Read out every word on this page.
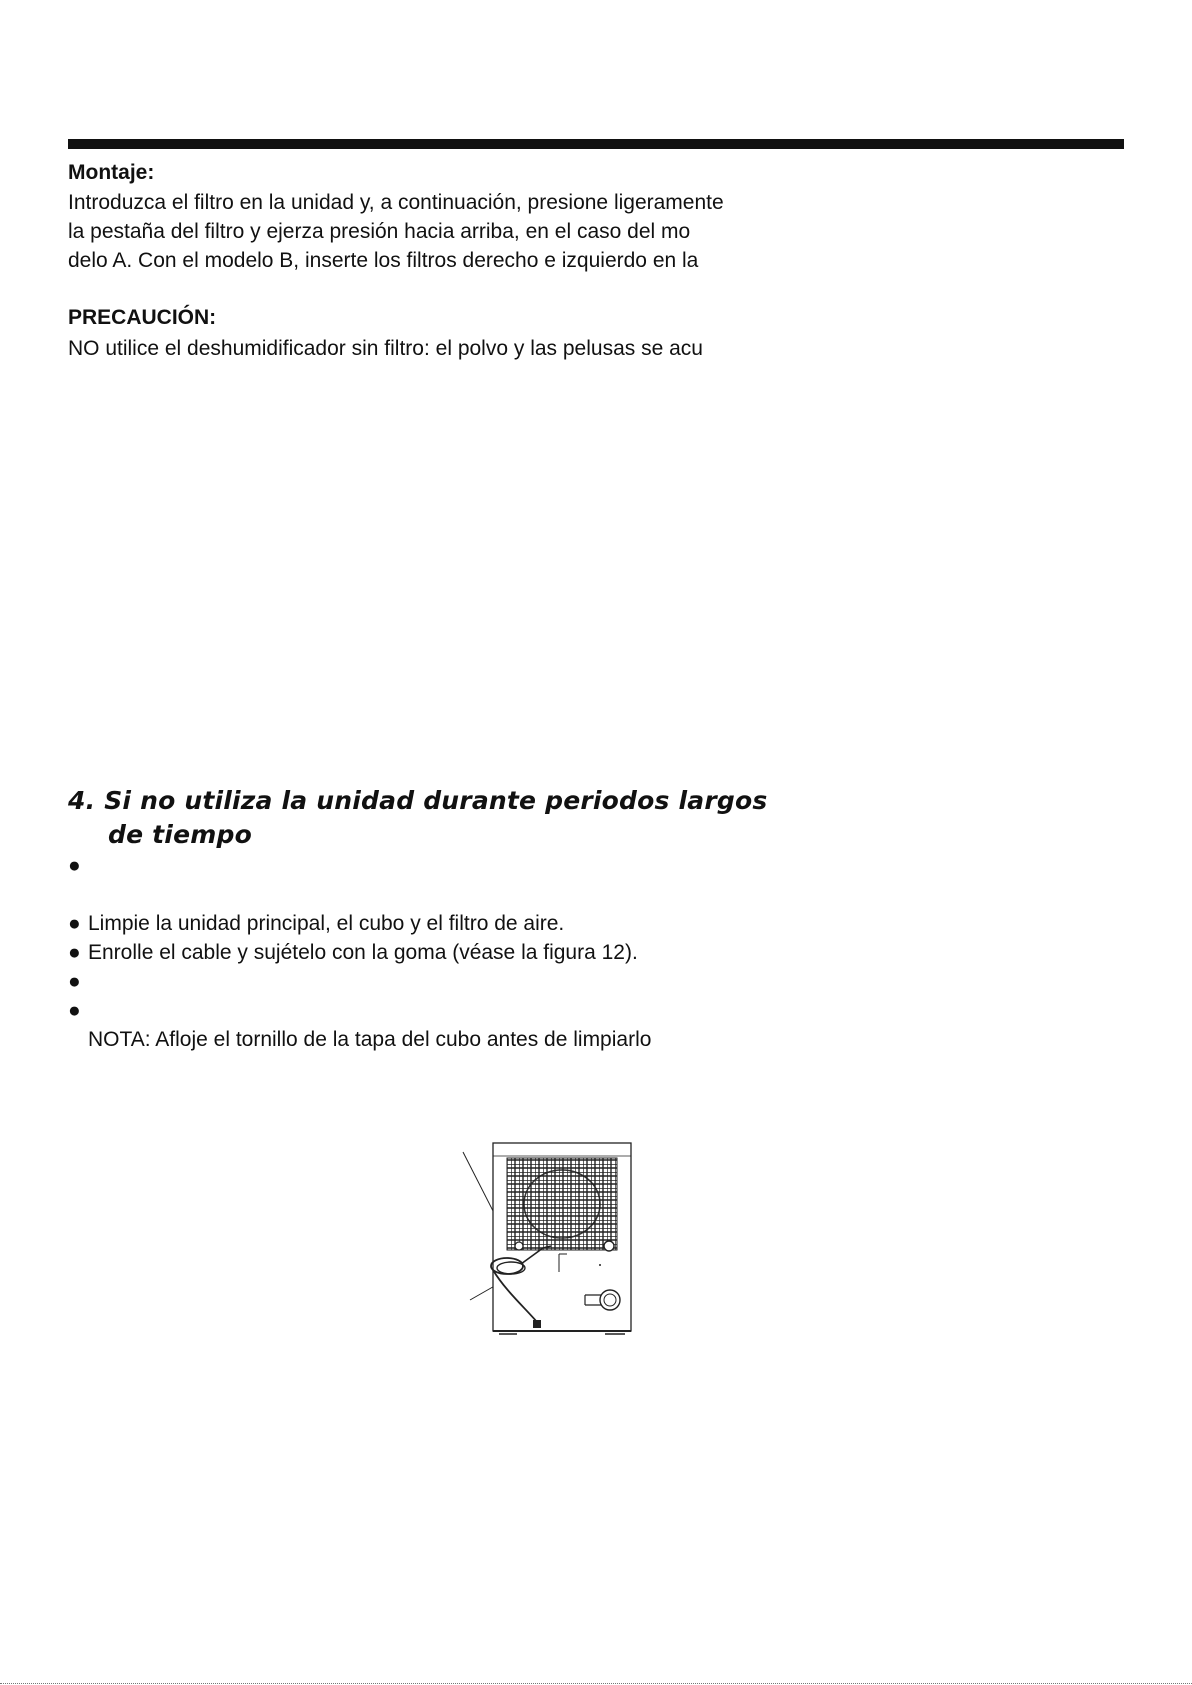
Montaje:
Introduzca el filtro en la unidad y, a continuación, presione ligeramente
la pestaña del filtro y ejerza presión hacia arriba, en el caso del mo
delo A. Con el modelo B, inserte los filtros derecho e izquierdo en la
PRECAUCIÓN:
NO utilice el deshumidificador sin filtro: el polvo y las pelusas se acu
4. Si no utiliza la unidad durante periodos largos
de tiempo
●
● Limpie la unidad principal, el cubo y el filtro de aire.
● Enrolle el cable y sujételo con la goma (véase la figura 12).
●
●
NOTA: Afloje el tornillo de la tapa del cubo antes de limpiarlo
